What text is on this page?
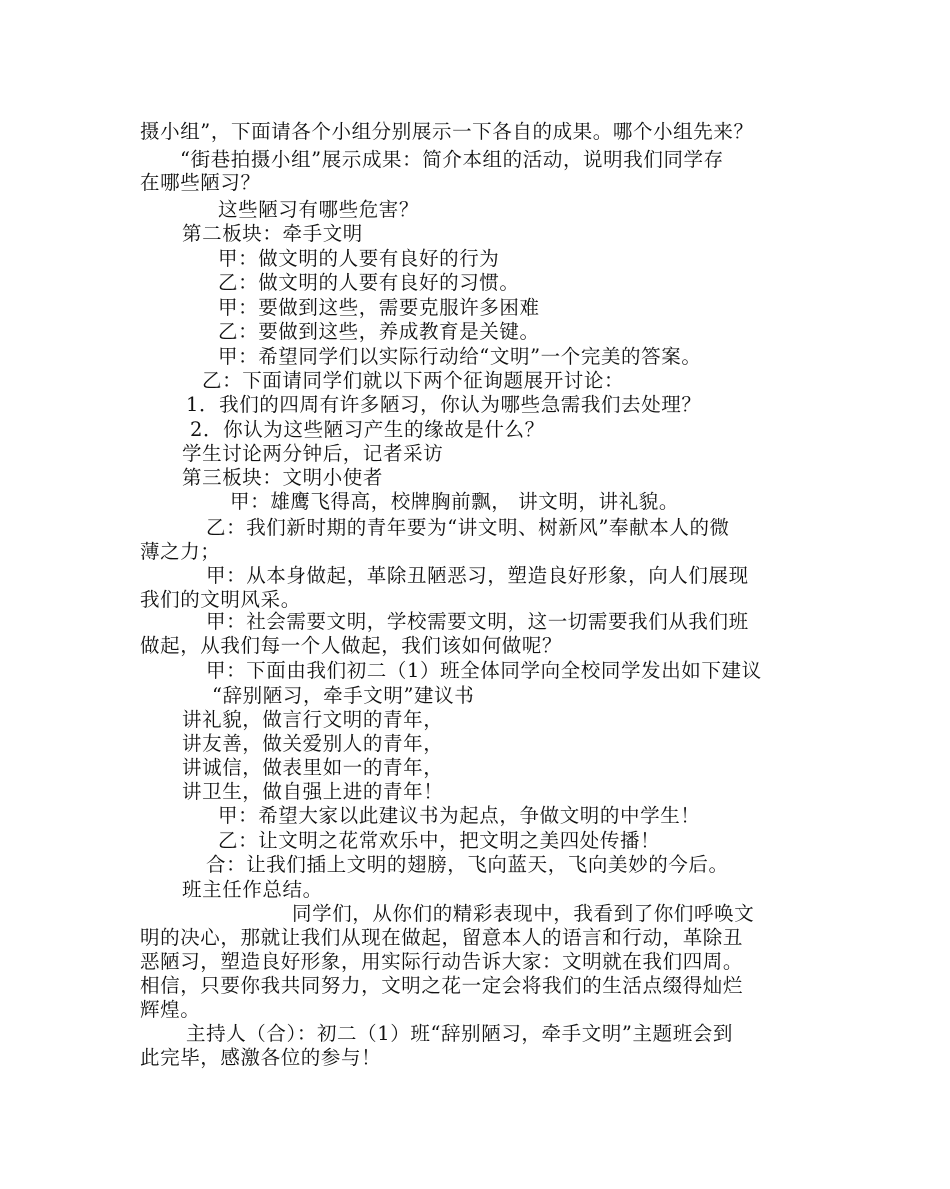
摄小组”，下面请各个小组分别展示一下各自的成果。哪个小组先来？
“街巷拍摄小组”展示成果：简介本组的活动，说明我们同学存
在哪些陋习？
这些陋习有哪些危害？
第二板块：牵手文明
甲：做文明的人要有良好的行为
乙：做文明的人要有良好的习惯。
甲：要做到这些，需要克服许多困难
乙：要做到这些，养成教育是关键。
甲：希望同学们以实际行动给“文明”一个完美的答案。
乙：下面请同学们就以下两个征询题展开讨论：
1．我们的四周有许多陋习，你认为哪些急需我们去处理？
2．你认为这些陋习产生的缘故是什么？
学生讨论两分钟后，记者采访
第三板块：文明小使者
甲：雄鹰飞得高，校牌胸前飘， 讲文明，讲礼貌。
乙：我们新时期的青年要为“讲文明、树新风”奉献本人的微
薄之力；
甲：从本身做起，革除丑陋恶习，塑造良好形象，向人们展现
我们的文明风采。
甲：社会需要文明，学校需要文明，这一切需要我们从我们班
做起，从我们每一个人做起，我们该如何做呢？
甲：下面由我们初二（1）班全体同学向全校同学发出如下建议
“辞别陋习，牵手文明”建议书
讲礼貌，做言行文明的青年，
讲友善，做关爱别人的青年，
讲诚信，做表里如一的青年，
讲卫生，做自强上进的青年！
甲：希望大家以此建议书为起点，争做文明的中学生！
乙：让文明之花常欢乐中，把文明之美四处传播！
合：让我们插上文明的翅膀，飞向蓝天，飞向美妙的今后。
班主任作总结。
同学们，从你们的精彩表现中，我看到了你们呼唤文
明的决心，那就让我们从现在做起，留意本人的语言和行动，革除丑
恶陋习，塑造良好形象，用实际行动告诉大家：文明就在我们四周。
相信，只要你我共同努力，文明之花一定会将我们的生活点缀得灿烂
辉煌。
主持人（合）：初二（1）班“辞别陋习，牵手文明”主题班会到
此完毕，感激各位的参与！
